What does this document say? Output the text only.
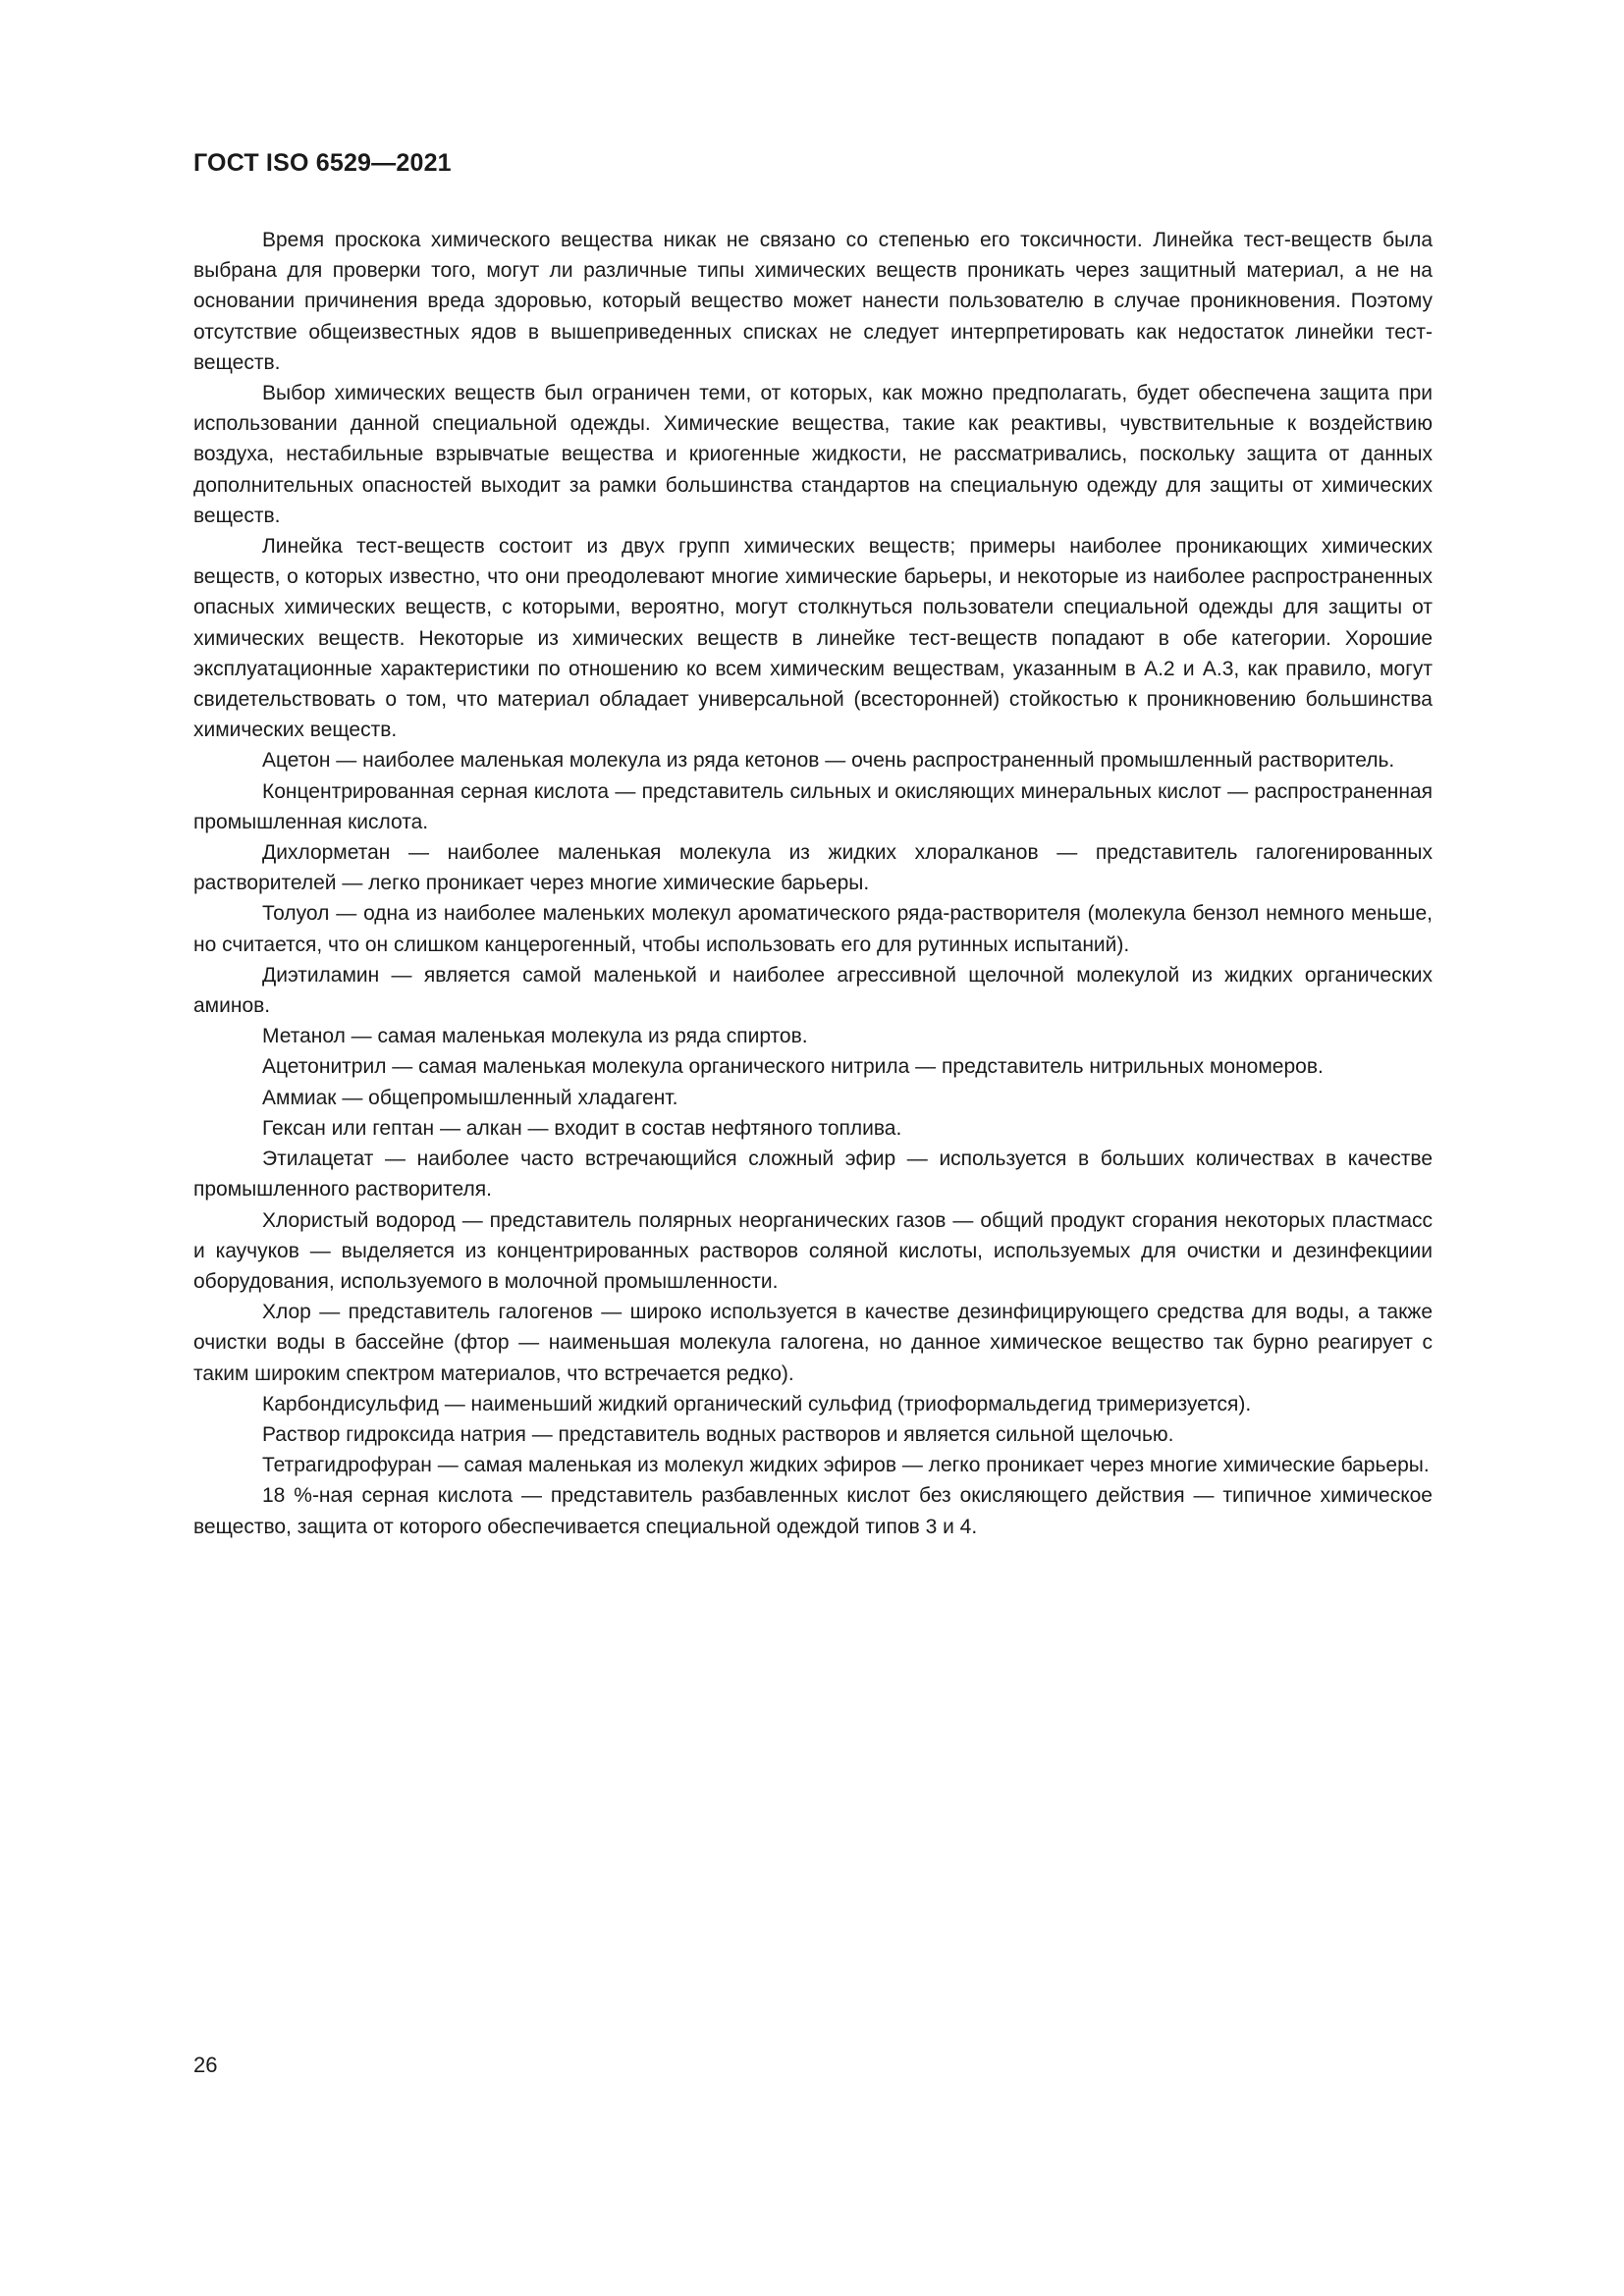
ГОСТ ISO 6529—2021

Время проскока химического вещества никак не связано со степенью его токсичности. Линейка тест-веществ была выбрана для проверки того, могут ли различные типы химических веществ проникать через защитный материал, а не на основании причинения вреда здоровью, который вещество может нанести пользователю в случае проникновения. Поэтому отсутствие общеизвестных ядов в вышеприведенных списках не следует интерпретировать как недостаток линейки тест-веществ.

Выбор химических веществ был ограничен теми, от которых, как можно предполагать, будет обеспечена защита при использовании данной специальной одежды. Химические вещества, такие как реактивы, чувствительные к воздействию воздуха, нестабильные взрывчатые вещества и криогенные жидкости, не рассматривались, поскольку защита от данных дополнительных опасностей выходит за рамки большинства стандартов на специальную одежду для защиты от химических веществ.

Линейка тест-веществ состоит из двух групп химических веществ; примеры наиболее проникающих химических веществ, о которых известно, что они преодолевают многие химические барьеры, и некоторые из наиболее распространенных опасных химических веществ, с которыми, вероятно, могут столкнуться пользователи специальной одежды для защиты от химических веществ. Некоторые из химических веществ в линейке тест-веществ попадают в обе категории. Хорошие эксплуатационные характеристики по отношению ко всем химическим веществам, указанным в А.2 и А.3, как правило, могут свидетельствовать о том, что материал обладает универсальной (всесторонней) стойкостью к проникновению большинства химических веществ.

Ацетон — наиболее маленькая молекула из ряда кетонов — очень распространенный промышленный растворитель.

Концентрированная серная кислота — представитель сильных и окисляющих минеральных кислот — распространенная промышленная кислота.

Дихлорметан — наиболее маленькая молекула из жидких хлоралканов — представитель галогенированных растворителей — легко проникает через многие химические барьеры.

Толуол — одна из наиболее маленьких молекул ароматического ряда-растворителя (молекула бензол немного меньше, но считается, что он слишком канцерогенный, чтобы использовать его для рутинных испытаний).

Диэтиламин — является самой маленькой и наиболее агрессивной щелочной молекулой из жидких органических аминов.

Метанол — самая маленькая молекула из ряда спиртов.

Ацетонитрил — самая маленькая молекула органического нитрила — представитель нитрильных мономеров.

Аммиак — общепромышленный хладагент.

Гексан или гептан — алкан — входит в состав нефтяного топлива.

Этилацетат — наиболее часто встречающийся сложный эфир — используется в больших количествах в качестве промышленного растворителя.

Хлористый водород — представитель полярных неорганических газов — общий продукт сгорания некоторых пластмасс и каучуков — выделяется из концентрированных растворов соляной кислоты, используемых для очистки и дезинфекциии оборудования, используемого в молочной промышленности.

Хлор — представитель галогенов — широко используется в качестве дезинфицирующего средства для воды, а также очистки воды в бассейне (фтор — наименьшая молекула галогена, но данное химическое вещество так бурно реагирует с таким широким спектром материалов, что встречается редко).

Карбондисульфид — наименьший жидкий органический сульфид (триоформальдегид тримеризуется).

Раствор гидроксида натрия — представитель водных растворов и является сильной щелочью.

Тетрагидрофуран — самая маленькая из молекул жидких эфиров — легко проникает через многие химические барьеры.

18 %-ная серная кислота — представитель разбавленных кислот без окисляющего действия — типичное химическое вещество, защита от которого обеспечивается специальной одеждой типов 3 и 4.

26
